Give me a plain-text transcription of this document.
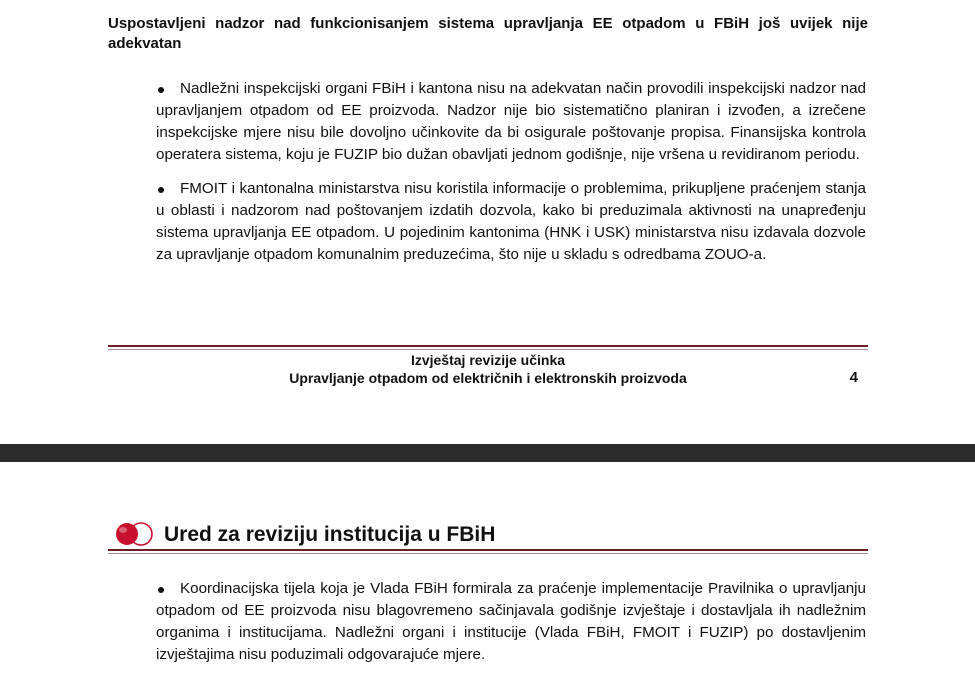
Uspostavljeni nadzor nad funkcionisanjem sistema upravljanja EE otpadom u FBiH još uvijek nije adekvatan
Nadležni inspekcijski organi FBiH i kantona nisu na adekvatan način provodili inspekcijski nadzor nad upravljanjem otpadom od EE proizvoda. Nadzor nije bio sistematično planiran i izvođen, a izrečene inspekcijske mjere nisu bile dovoljno učinkovite da bi osigurale poštovanje propisa. Finansijska kontrola operatera sistema, koju je FUZIP bio dužan obavljati jednom godišnje, nije vršena u revidiranom periodu.
FMOIT i kantonalna ministarstva nisu koristila informacije o problemima, prikupljene praćenjem stanja u oblasti i nadzorom nad poštovanjem izdatih dozvola, kako bi preduzimala aktivnosti na unapređenju sistema upravljanja EE otpadom. U pojedinim kantonima (HNK i USK) ministarstva nisu izdavala dozvole za upravljanje otpadom komunalnim preduzećima, što nije u skladu s odredbama ZOUO-a.
Izvještaj revizije učinka
Upravljanje otpadom od električnih i elektronskih proizvoda	4
Ured za reviziju institucija u FBiH
Koordinacijska tijela koja je Vlada FBiH formirala za praćenje implementacije Pravilnika o upravljanju otpadom od EE proizvoda nisu blagovremeno sačinjavala godišnje izvještaje i dostavljala ih nadležnim organima i institucijama. Nadležni organi i institucije (Vlada FBiH, FMOIT i FUZIP) po dostavljenim izvještajima nisu poduzimali odgovarajuće mjere.
